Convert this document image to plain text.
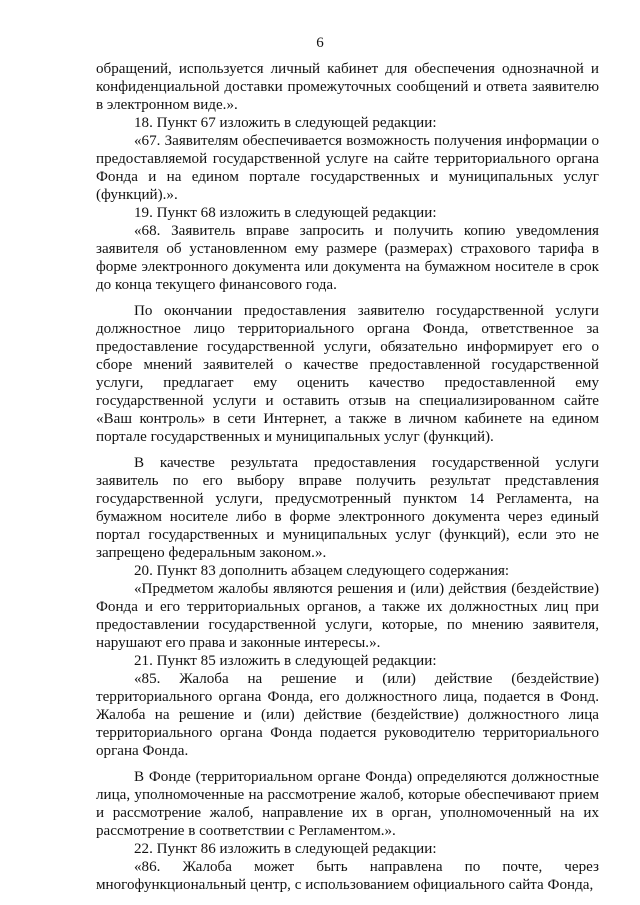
6

обращений, используется личный кабинет для обеспечения однозначной и конфиденциальной доставки промежуточных сообщений и ответа заявителю в электронном виде.».

18. Пункт 67 изложить в следующей редакции:

«67. Заявителям обеспечивается возможность получения информации о предоставляемой государственной услуге на сайте территориального органа Фонда и на едином портале государственных и муниципальных услуг (функций).».

19. Пункт 68 изложить в следующей редакции:

«68. Заявитель вправе запросить и получить копию уведомления заявителя об установленном ему размере (размерах) страхового тарифа в форме электронного документа или документа на бумажном носителе в срок до конца текущего финансового года.

По окончании предоставления заявителю государственной услуги должностное лицо территориального органа Фонда, ответственное за предоставление государственной услуги, обязательно информирует его о сборе мнений заявителей о качестве предоставленной государственной услуги, предлагает ему оценить качество предоставленной ему государственной услуги и оставить отзыв на специализированном сайте «Ваш контроль» в сети Интернет, а также в личном кабинете на едином портале государственных и муниципальных услуг (функций).

В качестве результата предоставления государственной услуги заявитель по его выбору вправе получить результат представления государственной услуги, предусмотренный пунктом 14 Регламента, на бумажном носителе либо в форме электронного документа через единый портал государственных и муниципальных услуг (функций), если это не запрещено федеральным законом.».

20. Пункт 83 дополнить абзацем следующего содержания:

«Предметом жалобы являются решения и (или) действия (бездействие) Фонда и его территориальных органов, а также их должностных лиц при предоставлении государственной услуги, которые, по мнению заявителя, нарушают его права и законные интересы.».

21. Пункт 85 изложить в следующей редакции:

«85. Жалоба на решение и (или) действие (бездействие) территориального органа Фонда, его должностного лица, подается в Фонд. Жалоба на решение и (или) действие (бездействие) должностного лица территориального органа Фонда подается руководителю территориального органа Фонда.

В Фонде (территориальном органе Фонда) определяются должностные лица, уполномоченные на рассмотрение жалоб, которые обеспечивают прием и рассмотрение жалоб, направление их в орган, уполномоченный на их рассмотрение в соответствии с Регламентом.».

22. Пункт 86 изложить в следующей редакции:

«86. Жалоба может быть направлена по почте, через многофункциональный центр, с использованием официального сайта Фонда,
